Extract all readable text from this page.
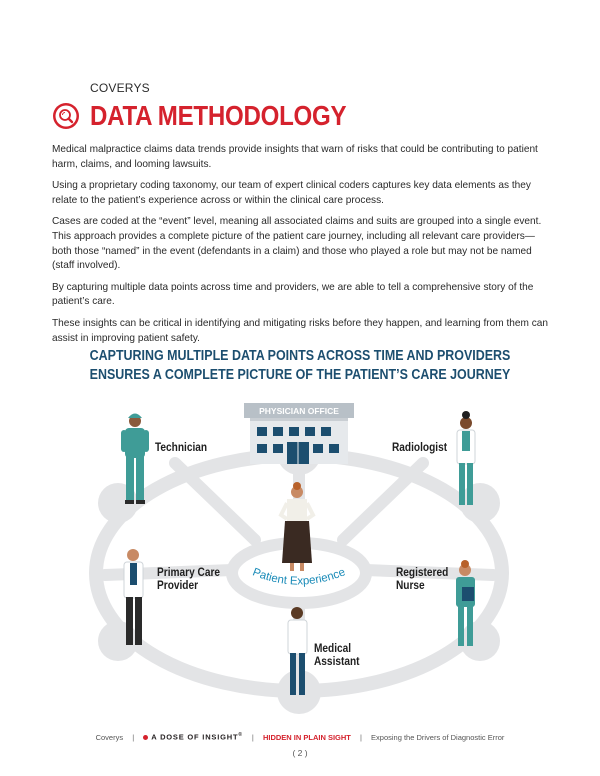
COVERYS
DATA METHODOLOGY

Medical malpractice claims data trends provide insights that warn of risks that could be contributing to patient harm, claims, and looming lawsuits.

Using a proprietary coding taxonomy, our team of expert clinical coders captures key data elements as they relate to the patient’s experience across or within the clinical care process.

Cases are coded at the “event” level, meaning all associated claims and suits are grouped into a single event. This approach provides a complete picture of the patient care journey, including all relevant care providers—both those “named” in the event (defendants in a claim) and those who played a role but may not be named (staff involved).

By capturing multiple data points across time and providers, we are able to tell a comprehensive story of the patient’s care.

These insights can be critical in identifying and mitigating risks before they happen, and learning from them can assist in improving patient safety.

CAPTURING MULTIPLE DATA POINTS ACROSS TIME AND PROVIDERS
ENSURES A COMPLETE PICTURE OF THE PATIENT’S CARE JOURNEY
Patient Experience
PHYSICIAN OFFICE
Technician	Radiologist
Primary Care
Provider
Registered
Nurse
Medical
Assistant
Coverys | A DOSE OF INSIGHT® | HIDDEN IN PLAIN SIGHT | Exposing the Drivers of Diagnostic Error
( 2 )
